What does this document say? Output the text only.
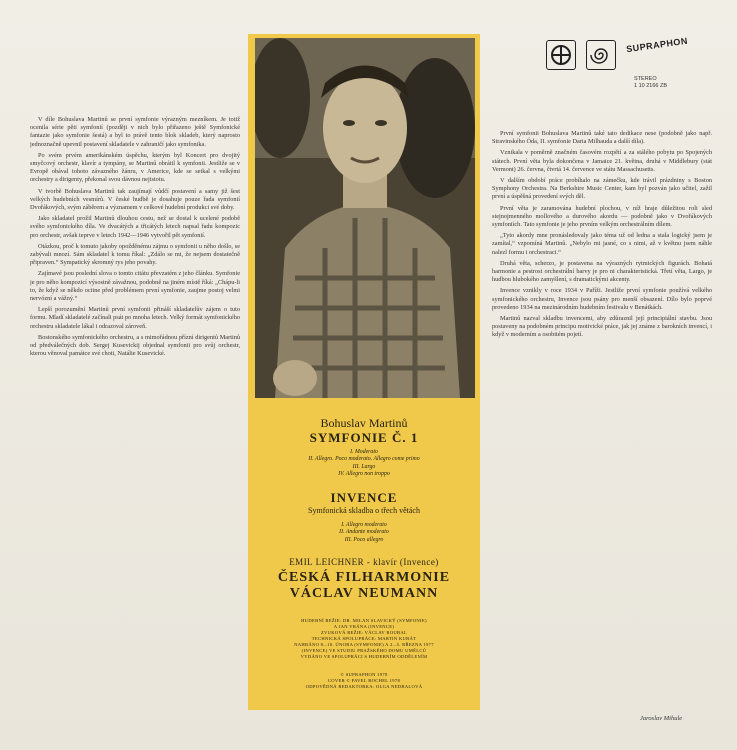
V díle Bohuslava Martinů se první symfonie výrazným mezníkem. Je totiž ocenila série pěti symfonií (později v nich bylo přiřazeno ještě Symfonické fantazie jako symfonie šestá) a byl to právě tento blok skladeb, který naprosto jednoznačně upevnil postavení skladatele v zahraničí jako symfonika.

Po svém prvém amerikánském úspěchu, kterým byl Koncert pro dvojitý smyčcový orchestr, klavír a tympány, se Martinů obrátil k symfonii. Jestliže se v Evropě obával tohoto závazného žánru, v Americe, kde se setkal s velkými orchestry a dirigenty, překonal svou dávnou nejistotu.

V tvorbě Bohuslava Martinů tak zaujímají vůdčí postavení a samy již šest velkých hudebních vesmírů. V české hudbě je dosahuje pouze řada symfonií Dvořákových, svým záběrem a významem v celkové hudební produkci své doby.

Jako skladatel prožil Martinů dlouhou cestu, než se dostal k ucelené podobě svého symfonického díla. Ve dvacátých a třicátých letech napsal řadu kompozic pro orchestr, avšak teprve v letech 1942—1946 vytvořil pět symfonií.

Otázkou, proč k tomuto jakoby opožděnému zájmu o symfonii u něho došlo, se zabývali mnozí. Sám skladatel k tomu říkal: „Zdálo se mi, že nejsem dostatečně připraven.“ Sympatický skromný rys jeho povahy.

Zajímavé jsou poslední slova o tomto citátu převzatém z jeho článku. Symfonie je pro něho kompozicí výsostně závažnou, podobně na jiném místě říká: „Chápu-li to, že když se někdo ocitne před problémem první symfonie, zaujme postoj velmi nervózní a vážný.“

Lepší porozumění Martinů první symfonii přináší skladatelův zájem o tuto formu. Mladí skladatelé začínali psát po mnoha letech. Velký formát symfonického orchestru skladatele lákal i odrazoval zároveň.

Bostonského symfonického orchestru, a s mimořádnou přízní dirigentů Martinů od předválečných dob. Sergej Kusevickij objednal symfonii pro svůj orchestr, kterou věnoval památce své choti, Natálie Kusevické.

První symfonii Bohuslava Martinů také tato dedikace nese (podobně jako např. Stravinského Óda, II. symfonie Daria Milhauda a další díla).

Vznikala v poměrně značném časovém rozpětí a za stálého pobytu po Spojených státech. První věta byla dokončena v Jamaice 21. května, druhá v Middlebury (stát Vermont) 26. června, čtvrtá 14. července ve státu Massachusetts.

V dalším období práce probíhalo na zámečku, kde trávil prázdniny s Boston Symphony Orchestra. Na Berkshire Music Center, kam byl pozván jako učitel, zažil první a úspěšná provedení svých děl.

První věta je zaramována hudební plochou, v níž hraje důležitou roli sled stejnojmenného mollového a durového akordu — podobně jako v Dvořákových symfoniích. Tato symfonie je jeho prvním velkým orchestrálním dílem.

„Tyto akordy mne pronásledovaly jako téma už od ledna a stala logický jsem je zamítal,“ vzpomíná Martinů. „Nebylo mi jasné, co s nimi, až v květnu jsem náhle nalezl formu i orchestraci.“

Druhá věta, scherzo, je postavena na výrazných rytmických figurách. Bohatá harmonie a pestrost orchestrální barvy je pro ni charakteristická. Třetí věta, Largo, je hudbou hlubokého zamyšlení, s dramatickými akcenty.

Invence vznikly v roce 1934 v Paříži. Jestliže první symfonie používá velkého symfonického orchestru, Invence jsou psány pro menší obsazení. Dílo bylo poprvé provedeno 1934 na mezinárodním hudebním festivalu v Benátkách.

Martinů nazval skladbu invencemi, aby zdůraznil její principiální stavbu. Jsou postaveny na podobném principu motivické práce, jak jej známe z barokních invencí, i když v moderním a osobitém pojetí.

Bohuslav Martinů
SYMFONIE Č. 1
I. Moderato
II. Allegro. Poco moderato. Allegro come primo
III. Largo
IV. Allegro non troppo
INVENCE
Symfonická skladba o třech větách
I. Allegro moderato
II. Andante moderato
III. Poco allegro
EMIL LEICHNER - klavír (Invence)
ČESKÁ FILHARMONIE
VÁCLAV NEUMANN
HUDEBNÍ REŽIE: DR. MILAN SLAVICKÝ (SYMFONIE)
A JAN VRÁNA (INVENCE)
ZVUKOVÁ REŽIE: VÁCLAV ROUBAL
TECHNICKÁ SPOLUPRÁCE: MARTIN KUBÁT
NAHRÁNO 8.–10. ÚNORA (SYMFONIE) A 2.–5. BŘEZNA 1977
(INVENCE) VE STUDIU PRAŽSKÉHO DOMU UMĚLCŮ
VYDÁNO VE SPOLUPRÁCI S HUDEBNÍM ODDĚLENÍM
© SUPRAPHON 1978
COVER © PAVEL BOCHEL 1978
ODPOVĚDNÁ REDAKTORKA: OLGA NEDBALOVÁ
SUPRAPHON
STEREO
1 10 2166 ZB
Jaroslav Mihule
